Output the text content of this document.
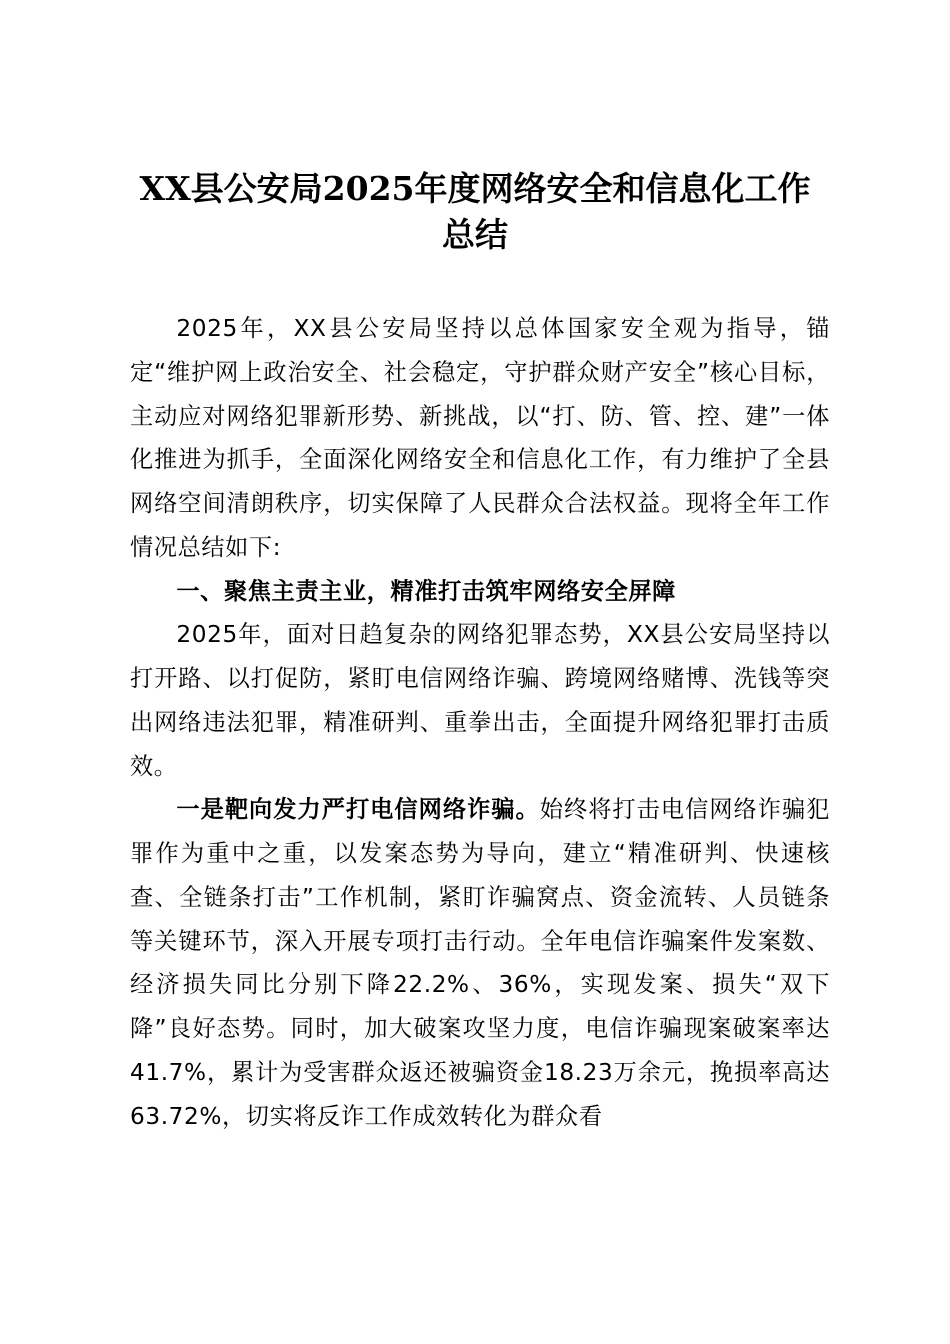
XX县公安局2025年度网络安全和信息化工作
总结

2025年，XX县公安局坚持以总体国家安全观为指导，锚定“维护网上政治安全、社会稳定，守护群众财产安全”核心目标，主动应对网络犯罪新形势、新挑战，以“打、防、管、控、建”一体化推进为抓手，全面深化网络安全和信息化工作，有力维护了全县网络空间清朗秩序，切实保障了人民群众合法权益。现将全年工作情况总结如下:

一、聚焦主责主业，精准打击筑牢网络安全屏障

2025年，面对日趋复杂的网络犯罪态势，XX县公安局坚持以打开路、以打促防，紧盯电信网络诈骗、跨境网络赌博、洗钱等突出网络违法犯罪，精准研判、重拳出击，全面提升网络犯罪打击质效。

一是靶向发力严打电信网络诈骗。始终将打击电信网络诈骗犯罪作为重中之重，以发案态势为导向，建立“精准研判、快速核查、全链条打击”工作机制，紧盯诈骗窝点、资金流转、人员链条等关键环节，深入开展专项打击行动。全年电信诈骗案件发案数、经济损失同比分别下降22.2%、36%，实现发案、损失“双下降”良好态势。同时，加大破案攻坚力度，电信诈骗现案破案率达41.7%，累计为受害群众返还被骗资金18.23万余元，挽损率高达63.72%，切实将反诈工作成效转化为群众看
